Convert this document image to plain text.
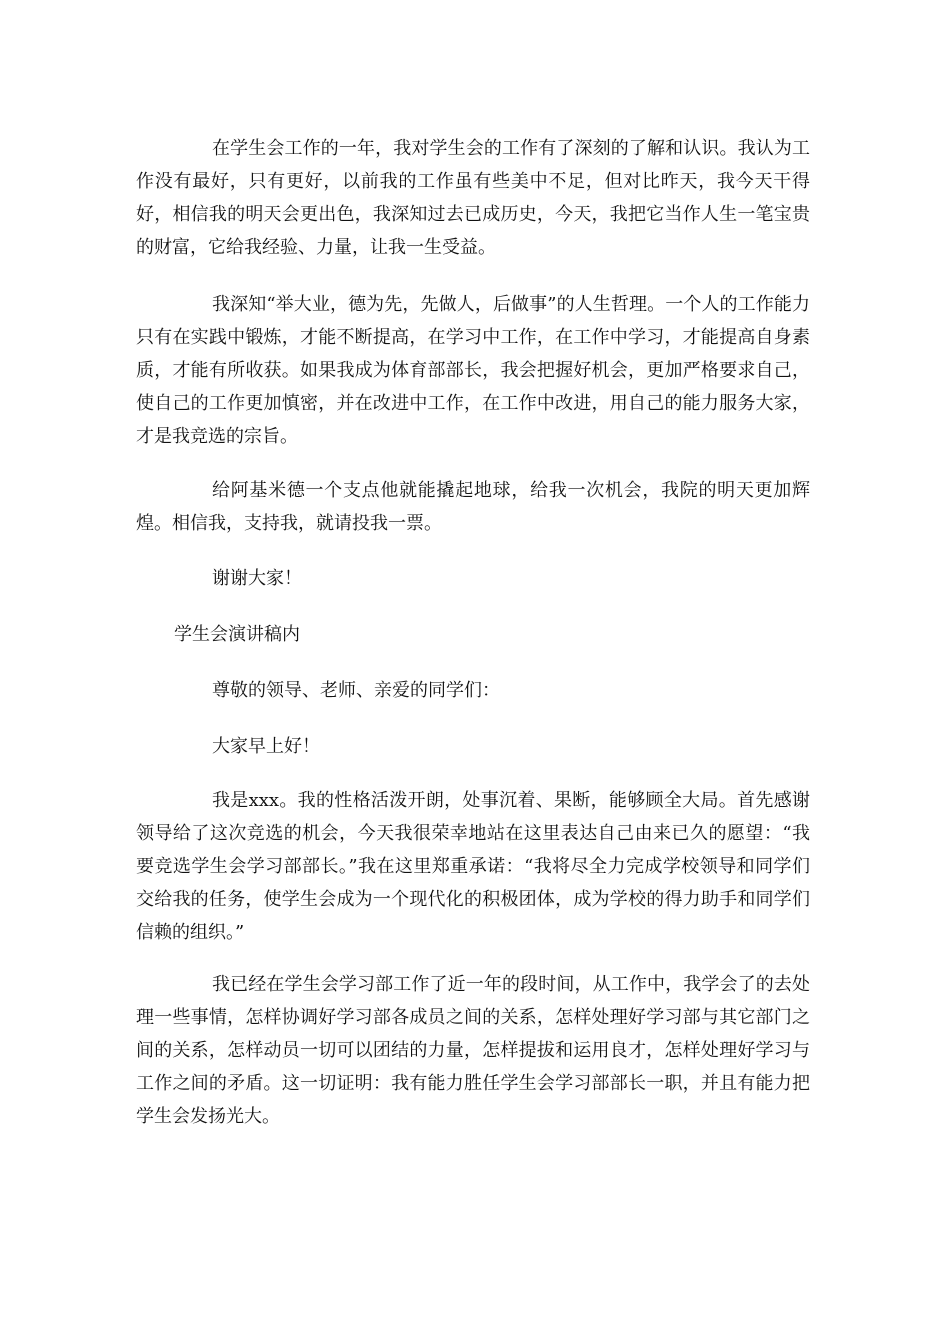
在学生会工作的一年，我对学生会的工作有了深刻的了解和认识。我认为工作没有最好，只有更好，以前我的工作虽有些美中不足，但对比昨天，我今天干得好，相信我的明天会更出色，我深知过去已成历史，今天，我把它当作人生一笔宝贵的财富，它给我经验、力量，让我一生受益。

我深知“举大业，德为先，先做人，后做事”的人生哲理。一个人的工作能力只有在实践中锻炼，才能不断提高，在学习中工作，在工作中学习，才能提高自身素质，才能有所收获。如果我成为体育部部长，我会把握好机会，更加严格要求自己，使自己的工作更加慎密，并在改进中工作，在工作中改进，用自己的能力服务大家，才是我竞选的宗旨。

给阿基米德一个支点他就能撬起地球，给我一次机会，我院的明天更加辉煌。相信我，支持我，就请投我一票。

谢谢大家！

学生会演讲稿内

尊敬的领导、老师、亲爱的同学们：

大家早上好！

我是xxx。我的性格活泼开朗，处事沉着、果断，能够顾全大局。首先感谢领导给了这次竞选的机会，今天我很荣幸地站在这里表达自己由来已久的愿望：“我要竞选学生会学习部部长。”我在这里郑重承诺：“我将尽全力完成学校领导和同学们交给我的任务，使学生会成为一个现代化的积极团体，成为学校的得力助手和同学们信赖的组织。”

我已经在学生会学习部工作了近一年的段时间，从工作中，我学会了的去处理一些事情，怎样协调好学习部各成员之间的关系，怎样处理好学习部与其它部门之间的关系，怎样动员一切可以团结的力量，怎样提拔和运用良才，怎样处理好学习与工作之间的矛盾。这一切证明：我有能力胜任学生会学习部部长一职，并且有能力把学生会发扬光大。
